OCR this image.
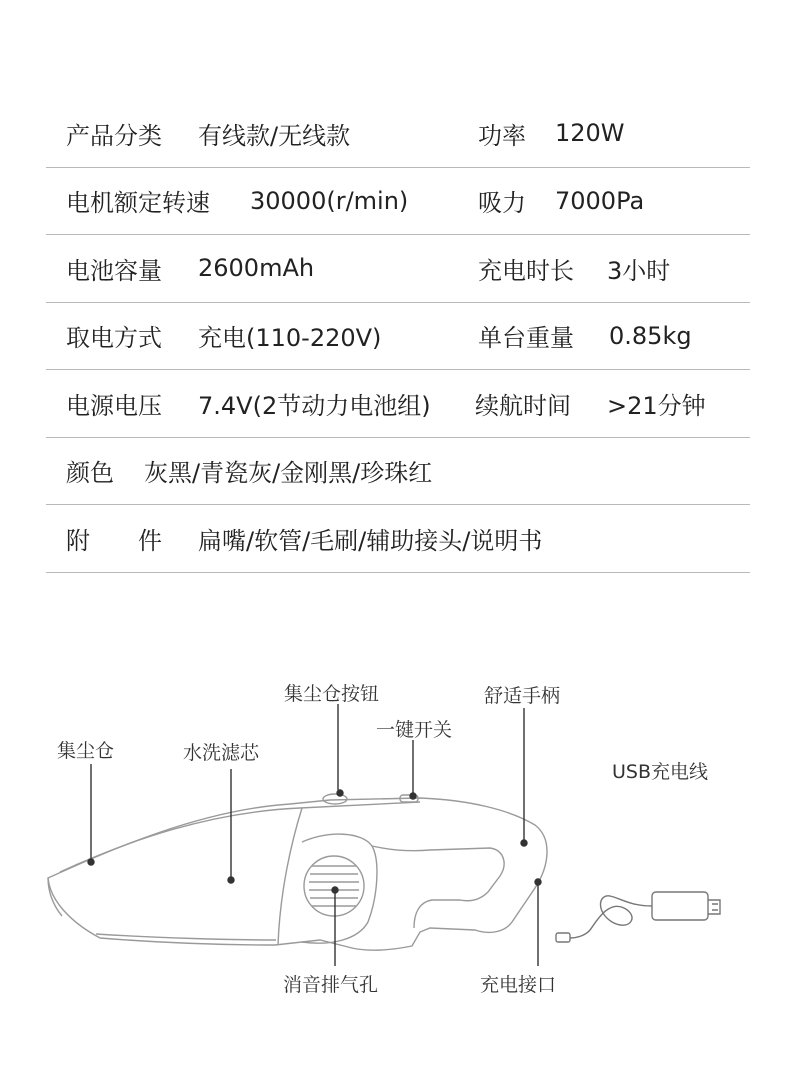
产品分类 有线款/无线款	功率 120W
电机额定转速 30000(r/min)	吸力 7000Pa
电池容量 2600mAh	充电时长 3小时
取电方式 充电(110-220V)	单台重量 0.85kg
电源电压 7.4V(2节动力电池组) 续航时间 >21分钟
颜色 灰黑/青瓷灰/金刚黑/珍珠红
附　　件 扁嘴/软管/毛刷/辅助接头/说明书
集尘仓	水洗滤芯
集尘仓按钮
一键开关
舒适手柄
USB充电线
消音排气孔	充电接口
